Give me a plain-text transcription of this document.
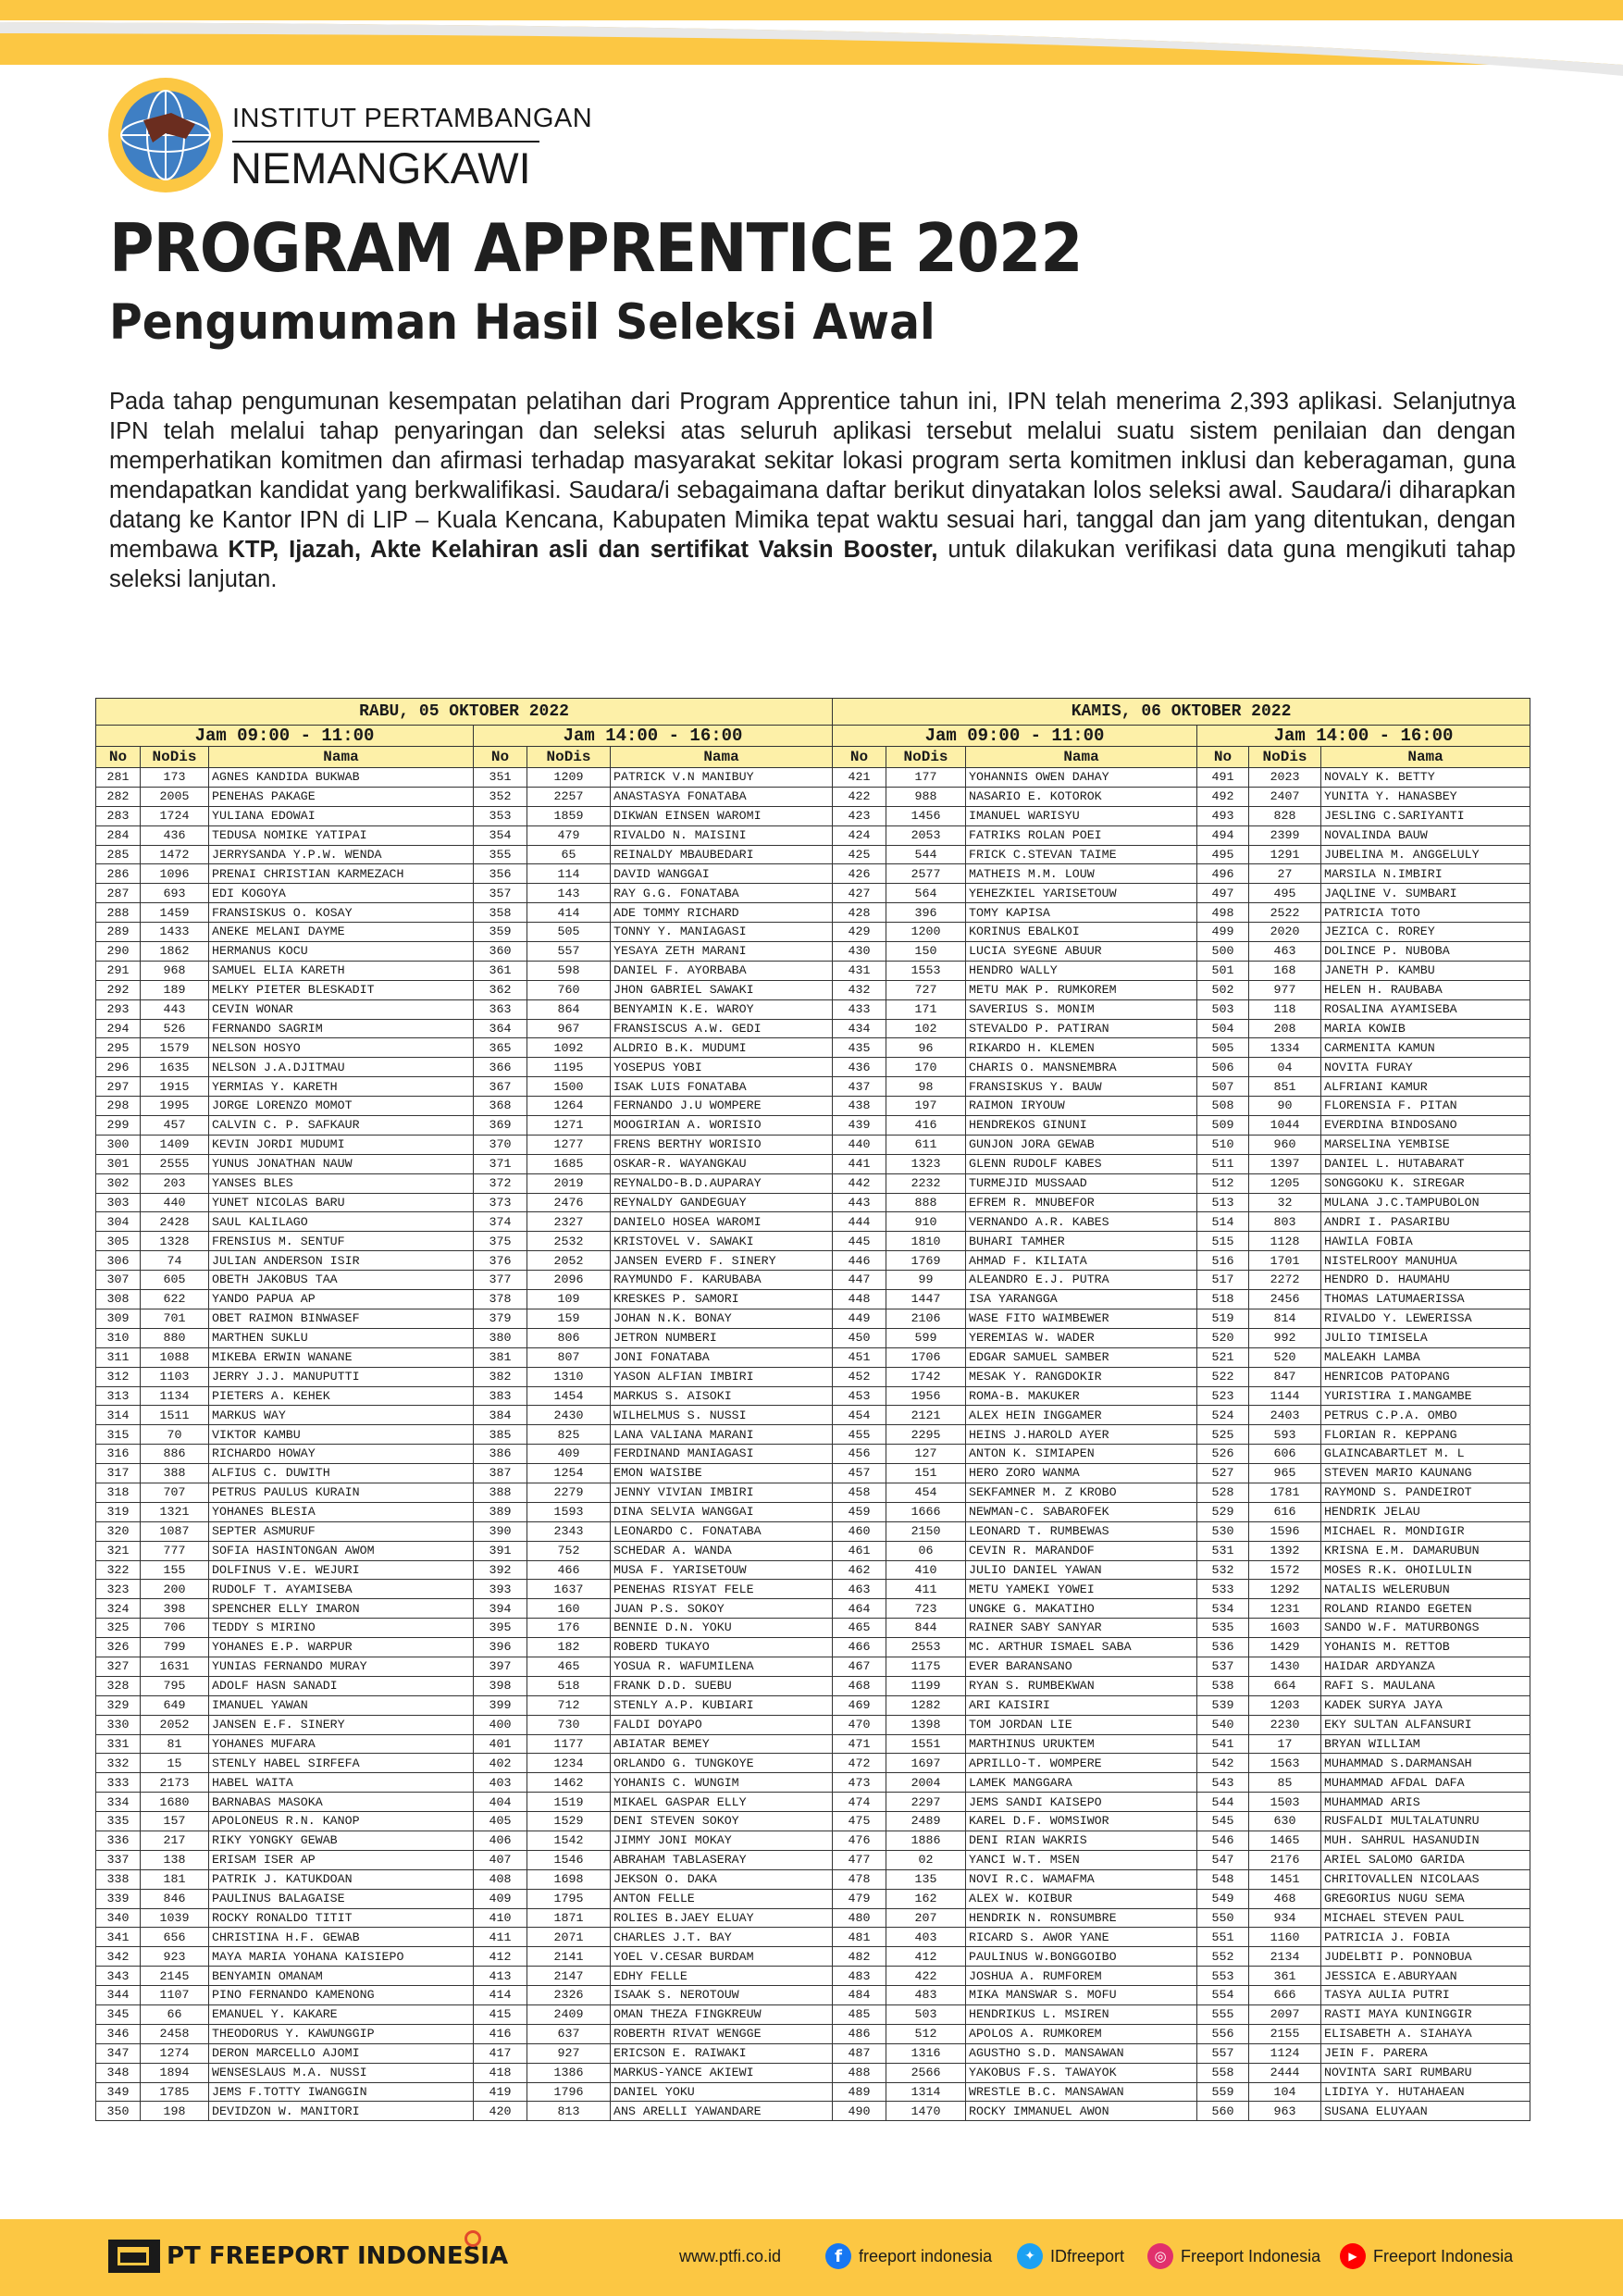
INSTITUT PERTAMBANGAN
NEMANGKAWI
PROGRAM APPRENTICE 2022
Pengumuman Hasil Seleksi Awal

Pada tahap pengumunan kesempatan pelatihan dari Program Apprentice tahun ini, IPN telah menerima 2,393 aplikasi. Selanjutnya IPN telah melalui tahap penyaringan dan seleksi atas seluruh aplikasi tersebut melalui suatu sistem penilaian dan dengan memperhatikan komitmen dan afirmasi terhadap masyarakat sekitar lokasi program serta komitmen inklusi dan keberagaman, guna mendapatkan kandidat yang berkwalifikasi. Saudara/i sebagaimana daftar berikut dinyatakan lolos seleksi awal. Saudara/i diharapkan datang ke Kantor IPN di LIP – Kuala Kencana, Kabupaten Mimika tepat waktu sesuai hari, tanggal dan jam yang ditentukan, dengan membawa KTP, Ijazah, Akte Kelahiran asli dan sertifikat Vaksin Booster, untuk dilakukan verifikasi data guna mengikuti tahap seleksi lanjutan.

RABU, 05 OKTOBER 2022						KAMIS, 06 OKTOBER 2022					
Jam 09:00 - 11:00			Jam 14:00 - 16:00			Jam 09:00 - 11:00			Jam 14:00 - 16:00		
No	NoDis	Nama	No	NoDis	Nama	No	NoDis	Nama	No	NoDis	Nama
281	173	AGNES KANDIDA BUKWAB	351	1209	PATRICK V.N MANIBUY	421	177	YOHANNIS OWEN DAHAY	491	2023	NOVALY K. BETTY
282	2005	PENEHAS PAKAGE	352	2257	ANASTASYA FONATABA	422	988	NASARIO E. KOTOROK	492	2407	YUNITA Y. HANASBEY
283	1724	YULIANA EDOWAI	353	1859	DIKWAN EINSEN WAROMI	423	1456	IMANUEL WARISYU	493	828	JESLING C.SARIYANTI
284	436	TEDUSA NOMIKE YATIPAI	354	479	RIVALDO N. MAISINI	424	2053	FATRIKS ROLAN POEI	494	2399	NOVALINDA BAUW
285	1472	JERRYSANDA Y.P.W. WENDA	355	65	REINALDY MBAUBEDARI	425	544	FRICK C.STEVAN TAIME	495	1291	JUBELINA M. ANGGELULY
286	1096	PRENAI CHRISTIAN KARMEZACH	356	114	DAVID WANGGAI	426	2577	MATHEIS M.M. LOUW	496	27	MARSILA N.IMBIRI
287	693	EDI KOGOYA	357	143	RAY G.G. FONATABA	427	564	YEHEZKIEL YARISETOUW	497	495	JAQLINE V. SUMBARI
288	1459	FRANSISKUS O. KOSAY	358	414	ADE TOMMY RICHARD	428	396	TOMY KAPISA	498	2522	PATRICIA TOTO
289	1433	ANEKE MELANI DAYME	359	505	TONNY Y. MANIAGASI	429	1200	KORINUS EBALKOI	499	2020	JEZICA C. ROREY
290	1862	HERMANUS KOCU	360	557	YESAYA ZETH MARANI	430	150	LUCIA SYEGNE ABUUR	500	463	DOLINCE P. NUBOBA
291	968	SAMUEL ELIA KARETH	361	598	DANIEL F. AYORBABA	431	1553	HENDRO WALLY	501	168	JANETH P. KAMBU
292	189	MELKY PIETER BLESKADIT	362	760	JHON GABRIEL SAWAKI	432	727	METU MAK P. RUMKOREM	502	977	HELEN H. RAUBABA
293	443	CEVIN WONAR	363	864	BENYAMIN K.E. WAROY	433	171	SAVERIUS S. MONIM	503	118	ROSALINA AYAMISEBA
294	526	FERNANDO SAGRIM	364	967	FRANSISCUS A.W. GEDI	434	102	STEVALDO P. PATIRAN	504	208	MARIA KOWIB
295	1579	NELSON HOSYO	365	1092	ALDRIO B.K. MUDUMI	435	96	RIKARDO H. KLEMEN	505	1334	CARMENITA KAMUN
296	1635	NELSON J.A.DJITMAU	366	1195	YOSEPUS YOBI	436	170	CHARIS O. MANSNEMBRA	506	04	NOVITA FURAY
297	1915	YERMIAS Y. KARETH	367	1500	ISAK LUIS FONATABA	437	98	FRANSISKUS Y. BAUW	507	851	ALFRIANI KAMUR
298	1995	JORGE LORENZO MOMOT	368	1264	FERNANDO J.U WOMPERE	438	197	RAIMON IRYOUW	508	90	FLORENSIA F. PITAN
299	457	CALVIN C. P. SAFKAUR	369	1271	MOOGIRIAN A. WORISIO	439	416	HENDREKOS GINUNI	509	1044	EVERDINA BINDOSANO
300	1409	KEVIN JORDI MUDUMI	370	1277	FRENS BERTHY WORISIO	440	611	GUNJON JORA GEWAB	510	960	MARSELINA YEMBISE
301	2555	YUNUS JONATHAN NAUW	371	1685	OSKAR-R. WAYANGKAU	441	1323	GLENN RUDOLF KABES	511	1397	DANIEL L. HUTABARAT
302	203	YANSES BLES	372	2019	REYNALDO-B.D.AUPARAY	442	2232	TURMEJID MUSSAAD	512	1205	SONGGOKU K. SIREGAR
303	440	YUNET NICOLAS BARU	373	2476	REYNALDY GANDEGUAY	443	888	EFREM R. MNUBEFOR	513	32	MULANA J.C.TAMPUBOLON
304	2428	SAUL KALILAGO	374	2327	DANIELO HOSEA WAROMI	444	910	VERNANDO A.R. KABES	514	803	ANDRI I. PASARIBU
305	1328	FRENSIUS M. SENTUF	375	2532	KRISTOVEL V. SAWAKI	445	1810	BUHARI TAMHER	515	1128	HAWILA FOBIA
306	74	JULIAN ANDERSON ISIR	376	2052	JANSEN EVERD F. SINERY	446	1769	AHMAD F. KILIATA	516	1701	NISTELROOY MANUHUA
307	605	OBETH JAKOBUS TAA	377	2096	RAYMUNDO F. KARUBABA	447	99	ALEANDRO E.J. PUTRA	517	2272	HENDRO D. HAUMAHU
308	622	YANDO PAPUA AP	378	109	KRESKES P. SAMORI	448	1447	ISA YARANGGA	518	2456	THOMAS LATUMAERISSA
309	701	OBET RAIMON BINWASEF	379	159	JOHAN N.K. BONAY	449	2106	WASE FITO WAIMBEWER	519	814	RIVALDO Y. LEWERISSA
310	880	MARTHEN SUKLU	380	806	JETRON NUMBERI	450	599	YEREMIAS W. WADER	520	992	JULIO TIMISELA
311	1088	MIKEBA ERWIN WANANE	381	807	JONI FONATABA	451	1706	EDGAR SAMUEL SAMBER	521	520	MALEAKH LAMBA
312	1103	JERRY J.J. MANUPUTTI	382	1310	YASON ALFIAN IMBIRI	452	1742	MESAK Y. RANGDOKIR	522	847	HENRICOB PATOPANG
313	1134	PIETERS A. KEHEK	383	1454	MARKUS S. AISOKI	453	1956	ROMA-B. MAKUKER	523	1144	YURISTIRA I.MANGAMBE
314	1511	MARKUS WAY	384	2430	WILHELMUS S. NUSSI	454	2121	ALEX HEIN INGGAMER	524	2403	PETRUS C.P.A. OMBO
315	70	VIKTOR KAMBU	385	825	LANA VALIANA MARANI	455	2295	HEINS J.HAROLD AYER	525	593	FLORIAN R. KEPPANG
316	886	RICHARDO HOWAY	386	409	FERDINAND MANIAGASI	456	127	ANTON K. SIMIAPEN	526	606	GLAINCABARTLET M. L
317	388	ALFIUS C. DUWITH	387	1254	EMON WAISIBE	457	151	HERO ZORO WANMA	527	965	STEVEN MARIO KAUNANG
318	707	PETRUS PAULUS KURAIN	388	2279	JENNY VIVIAN IMBIRI	458	454	SEKFAMNER M. Z KROBO	528	1781	RAYMOND S. PANDEIROT
319	1321	YOHANES BLESIA	389	1593	DINA SELVIA WANGGAI	459	1666	NEWMAN-C. SABAROFEK	529	616	HENDRIK JELAU
320	1087	SEPTER ASMURUF	390	2343	LEONARDO C. FONATABA	460	2150	LEONARD T. RUMBEWAS	530	1596	MICHAEL R. MONDIGIR
321	777	SOFIA HASINTONGAN AWOM	391	752	SCHEDAR A. WANDA	461	06	CEVIN R. MARANDOF	531	1392	KRISNA E.M. DAMARUBUN
322	155	DOLFINUS V.E. WEJURI	392	466	MUSA F. YARISETOUW	462	410	JULIO DANIEL YAWAN	532	1572	MOSES R.K. OHOILULIN
323	200	RUDOLF T. AYAMISEBA	393	1637	PENEHAS RISYAT FELE	463	411	METU YAMEKI YOWEI	533	1292	NATALIS WELERUBUN
324	398	SPENCHER ELLY IMARON	394	160	JUAN P.S. SOKOY	464	723	UNGKE G. MAKATIHO	534	1231	ROLAND RIANDO EGETEN
325	706	TEDDY S MIRINO	395	176	BENNIE D.N. YOKU	465	844	RAINER SABY SANYAR	535	1603	SANDO W.F. MATURBONGS
326	799	YOHANES E.P. WARPUR	396	182	ROBERD TUKAYO	466	2553	MC. ARTHUR ISMAEL SABA	536	1429	YOHANIS M. RETTOB
327	1631	YUNIAS FERNANDO MURAY	397	465	YOSUA R. WAFUMILENA	467	1175	EVER BARANSANO	537	1430	HAIDAR ARDYANZA
328	795	ADOLF HASN SANADI	398	518	FRANK D.D. SUEBU	468	1199	RYAN S. RUMBEKWAN	538	664	RAFI S. MAULANA
329	649	IMANUEL YAWAN	399	712	STENLY A.P. KUBIARI	469	1282	ARI KAISIRI	539	1203	KADEK SURYA JAYA
330	2052	JANSEN E.F. SINERY	400	730	FALDI DOYAPO	470	1398	TOM JORDAN LIE	540	2230	EKY SULTAN ALFANSURI
331	81	YOHANES MUFARA	401	1177	ABIATAR BEMEY	471	1551	MARTHINUS URUKTEM	541	17	BRYAN WILLIAM
332	15	STENLY HABEL SIRFEFA	402	1234	ORLANDO G. TUNGKOYE	472	1697	APRILLO-T. WOMPERE	542	1563	MUHAMMAD S.DARMANSAH
333	2173	HABEL WAITA	403	1462	YOHANIS C. WUNGIM	473	2004	LAMEK MANGGARA	543	85	MUHAMMAD AFDAL DAFA
334	1680	BARNABAS MASOKA	404	1519	MIKAEL GASPAR ELLY	474	2297	JEMS SANDI KAISEPO	544	1503	MUHAMMAD ARIS
335	157	APOLONEUS R.N. KANOP	405	1529	DENI STEVEN SOKOY	475	2489	KAREL D.F. WOMSIWOR	545	630	RUSFALDI MULTALATUNRU
336	217	RIKY YONGKY GEWAB	406	1542	JIMMY JONI MOKAY	476	1886	DENI RIAN WAKRIS	546	1465	MUH. SAHRUL HASANUDIN
337	138	ERISAM ISER AP	407	1546	ABRAHAM TABLASERAY	477	02	YANCI W.T. MSEN	547	2176	ARIEL SALOMO GARIDA
338	181	PATRIK J. KATUKDOAN	408	1698	JEKSON O. DAKA	478	135	NOVI R.C. WAMAFMA	548	1451	CHRITOVALLEN NICOLAAS
339	846	PAULINUS BALAGAISE	409	1795	ANTON FELLE	479	162	ALEX W. KOIBUR	549	468	GREGORIUS NUGU SEMA
340	1039	ROCKY RONALDO TITIT	410	1871	ROLIES B.JAEY ELUAY	480	207	HENDRIK N. RONSUMBRE	550	934	MICHAEL STEVEN PAUL
341	656	CHRISTINA H.F. GEWAB	411	2071	CHARLES J.T. BAY	481	403	RICARD S. AWOR YANE	551	1160	PATRICIA J. FOBIA
342	923	MAYA MARIA YOHANA KAISIEPO	412	2141	YOEL V.CESAR BURDAM	482	412	PAULINUS W.BONGGOIBO	552	2134	JUDELBTI P. PONNOBUA
343	2145	BENYAMIN OMANAM	413	2147	EDHY FELLE	483	422	JOSHUA A. RUMFOREM	553	361	JESSICA E.ABURYAAN
344	1107	PINO FERNANDO KAMENONG	414	2326	ISAAK S. NEROTOUW	484	483	MIKA MANSWAR S. MOFU	554	666	TASYA AULIA PUTRI
345	66	EMANUEL Y. KAKARE	415	2409	OMAN THEZA FINGKREUW	485	503	HENDRIKUS L. MSIREN	555	2097	RASTI MAYA KUNINGGIR
346	2458	THEODORUS Y. KAWUNGGIP	416	637	ROBERTH RIVAT WENGGE	486	512	APOLOS A. RUMKOREM	556	2155	ELISABETH A. SIAHAYA
347	1274	DERON MARCELLO AJOMI	417	927	ERICSON E. RAIWAKI	487	1316	AGUSTHO S.D. MANSAWAN	557	1124	JEIN F. PARERA
348	1894	WENSESLAUS M.A. NUSSI	418	1386	MARKUS-YANCE AKIEWI	488	2566	YAKOBUS F.S. TAWAYOK	558	2444	NOVINTA SARI RUMBARU
349	1785	JEMS F.TOTTY IWANGGIN	419	1796	DANIEL YOKU	489	1314	WRESTLE B.C. MANSAWAN	559	104	LIDIYA Y. HUTAHAEAN
350	198	DEVIDZON W. MANITORI	420	813	ANS ARELLI YAWANDARE	490	1470	ROCKY IMMANUEL AWON	560	963	SUSANA ELUYAAN
PT FREEPORT INDONESIA	www.ptfi.co.id	f	freeport indonesia	✦ IDfreeport	◎ Freeport Indonesia	▶ Freeport Indonesia
